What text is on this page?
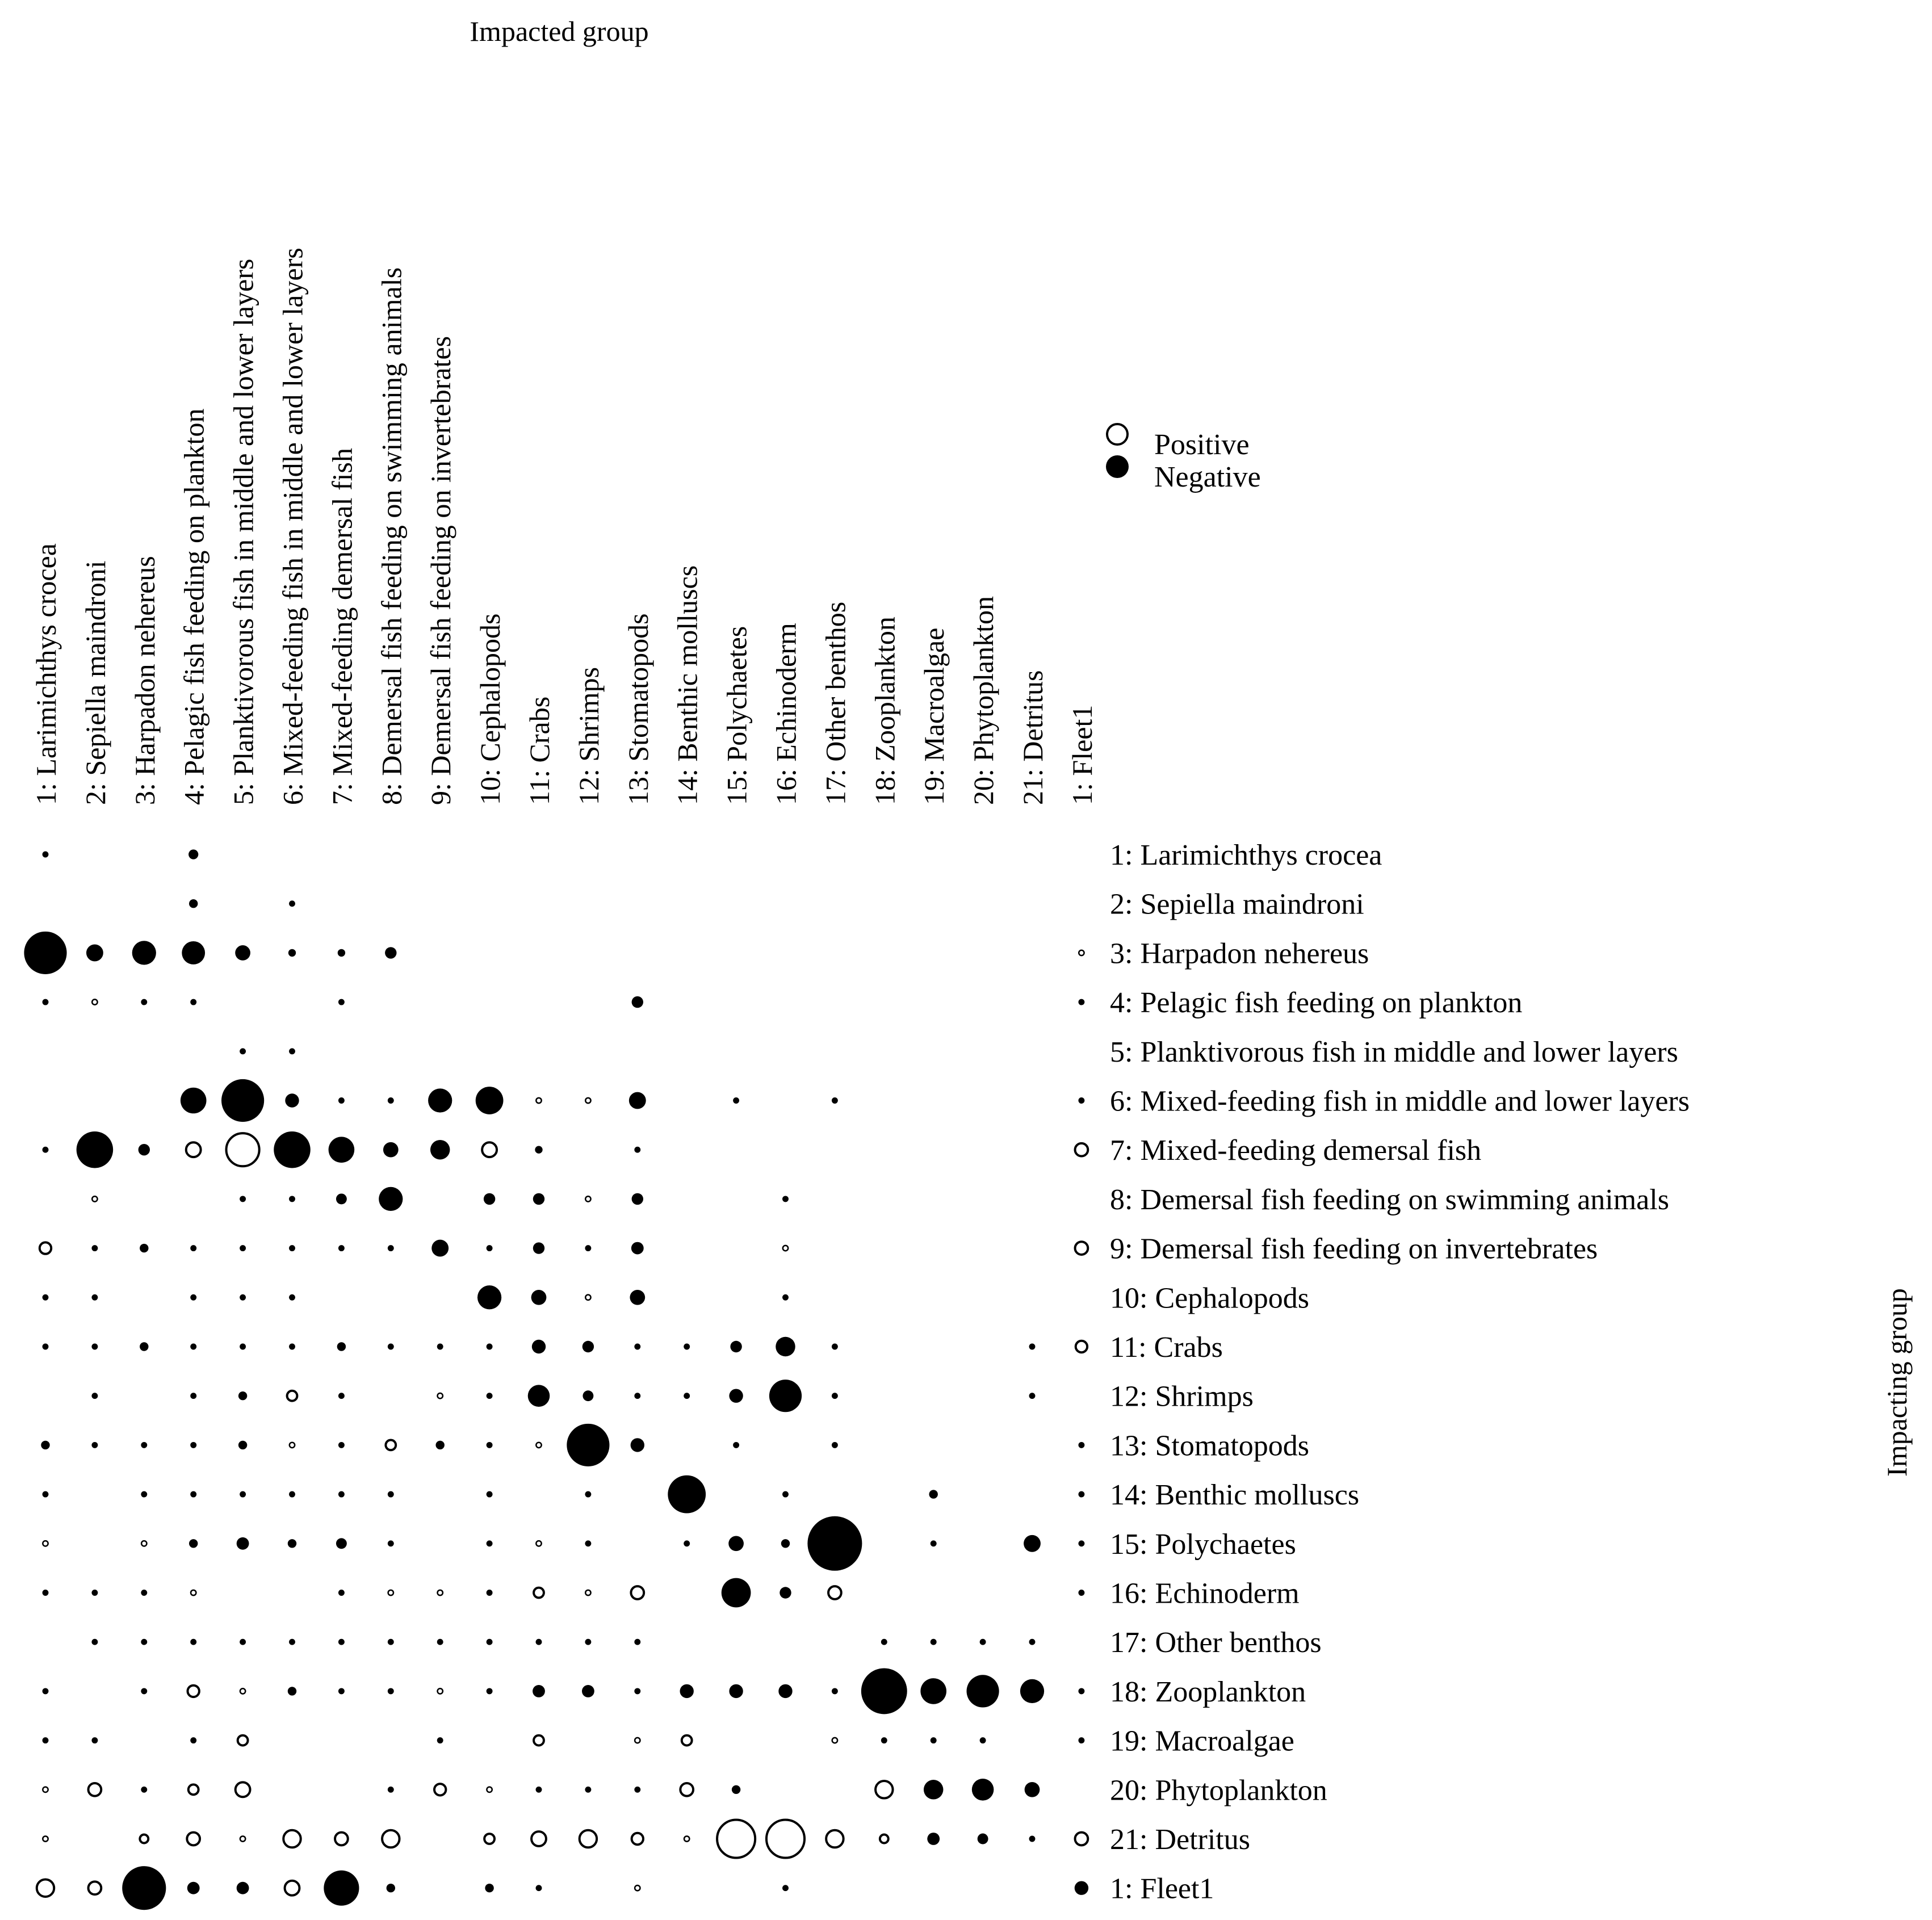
Impacted group
Impacting group
Positive
Negative
1: Larimichthys crocea 2: Sepiella maindroni 3: Harpadon nehereus 4: Pelagic fish feeding on plankton 5: Planktivorous fish in middle and lower layers 6: Mixed-feeding fish in middle and lower layers 7: Mixed-feeding demersal fish 8: Demersal fish feeding on swimming animals 9: Demersal fish feeding on invertebrates 10: Cephalopods 11: Crabs 12: Shrimps 13: Stomatopods 14: Benthic molluscs 15: Polychaetes 16: Echinoderm 17: Other benthos 18: Zooplankton 19: Macroalgae 20: Phytoplankton 21: Detritus 1: Fleet1
1: Larimichthys crocea
2: Sepiella maindroni
3: Harpadon nehereus
4: Pelagic fish feeding on plankton
5: Planktivorous fish in middle and lower layers
6: Mixed-feeding fish in middle and lower layers
7: Mixed-feeding demersal fish
8: Demersal fish feeding on swimming animals
9: Demersal fish feeding on invertebrates
10: Cephalopods
11: Crabs
12: Shrimps
13: Stomatopods
14: Benthic molluscs
15: Polychaetes
16: Echinoderm
17: Other benthos
18: Zooplankton
19: Macroalgae
20: Phytoplankton
21: Detritus
1: Fleet1
